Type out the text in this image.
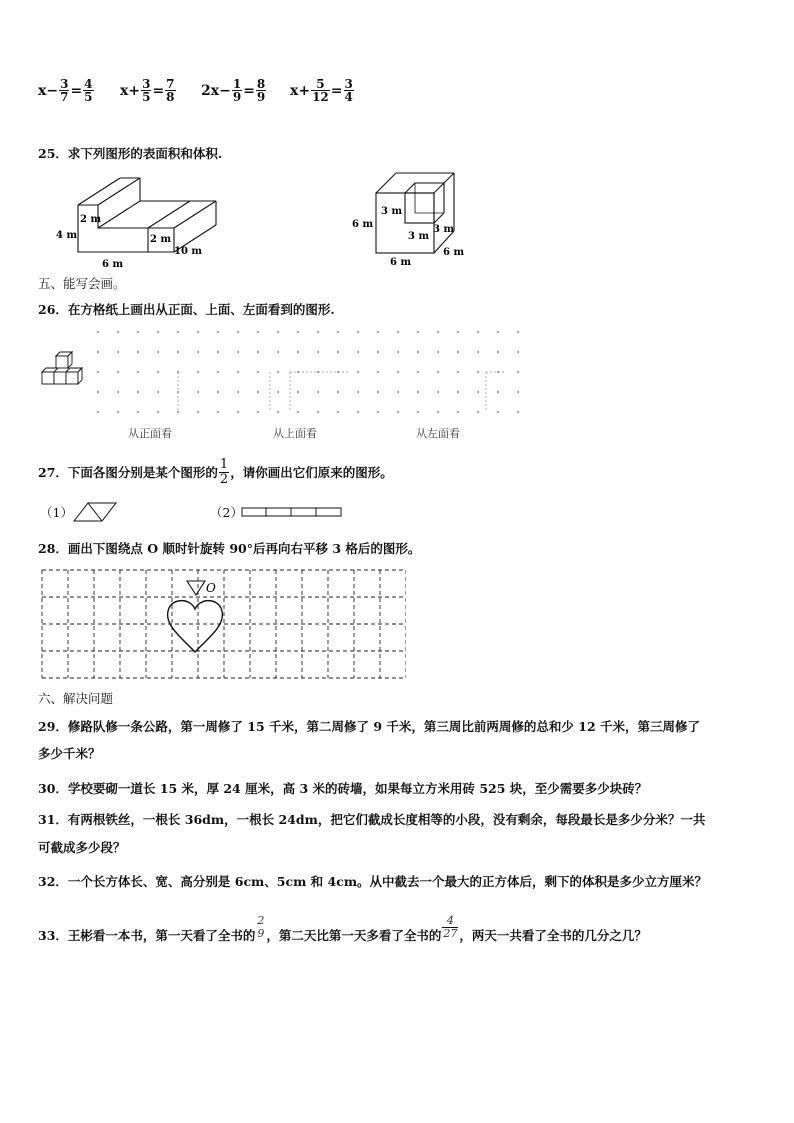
$x- \frac{3}{7} = \frac{4}{5} x+ \frac{3}{5} = \frac{7}{8} 2x- \frac{1}{9} = \frac{8}{9} x+ \frac{5}{12} = \frac{3}{4}$
25．求下列图形的表面积和体积.
2 m
4 m	2 m
10 m
6 m
3 m
6 m
3 m
3 m
6 m
6 m
五、能写会画。
26．在方格纸上画出从正面、上面、左面看到的图形.
从正面看	从上面看	从左面看
27．下面各图分别是某个图形的 $\frac{1}{2}$ ，请你画出它们原来的图形。
（1）	（2）
28．画出下图绕点 O 顺时针旋转 90°后再向右平移 3 格后的图形。
O
六、解决问题
29．修路队修一条公路，第一周修了 15 千米，第二周修了 9 千米，第三周比前两周修的总和少 12 千米，第三周修了
多少千米？
30．学校要砌一道长 15 米，厚 24 厘米，高 3 米的砖墙，如果每立方米用砖 525 块，至少需要多少块砖？
31．有两根铁丝，一根长 36dm，一根长 24dm，把它们截成长度相等的小段，没有剩余，每段最长是多少分米？一共
可截成多少段？
32．一个长方体长、宽、高分别是 6cm、5cm 和 4cm。从中截去一个最大的正方体后，剩下的体积是多少立方厘米？
33．王彬看一本书，第一天看了全书的
2
9 ，第二天比第一天多看了全书的 $\frac{4}{27}$ ，两天一共看了全书的几分之几？
